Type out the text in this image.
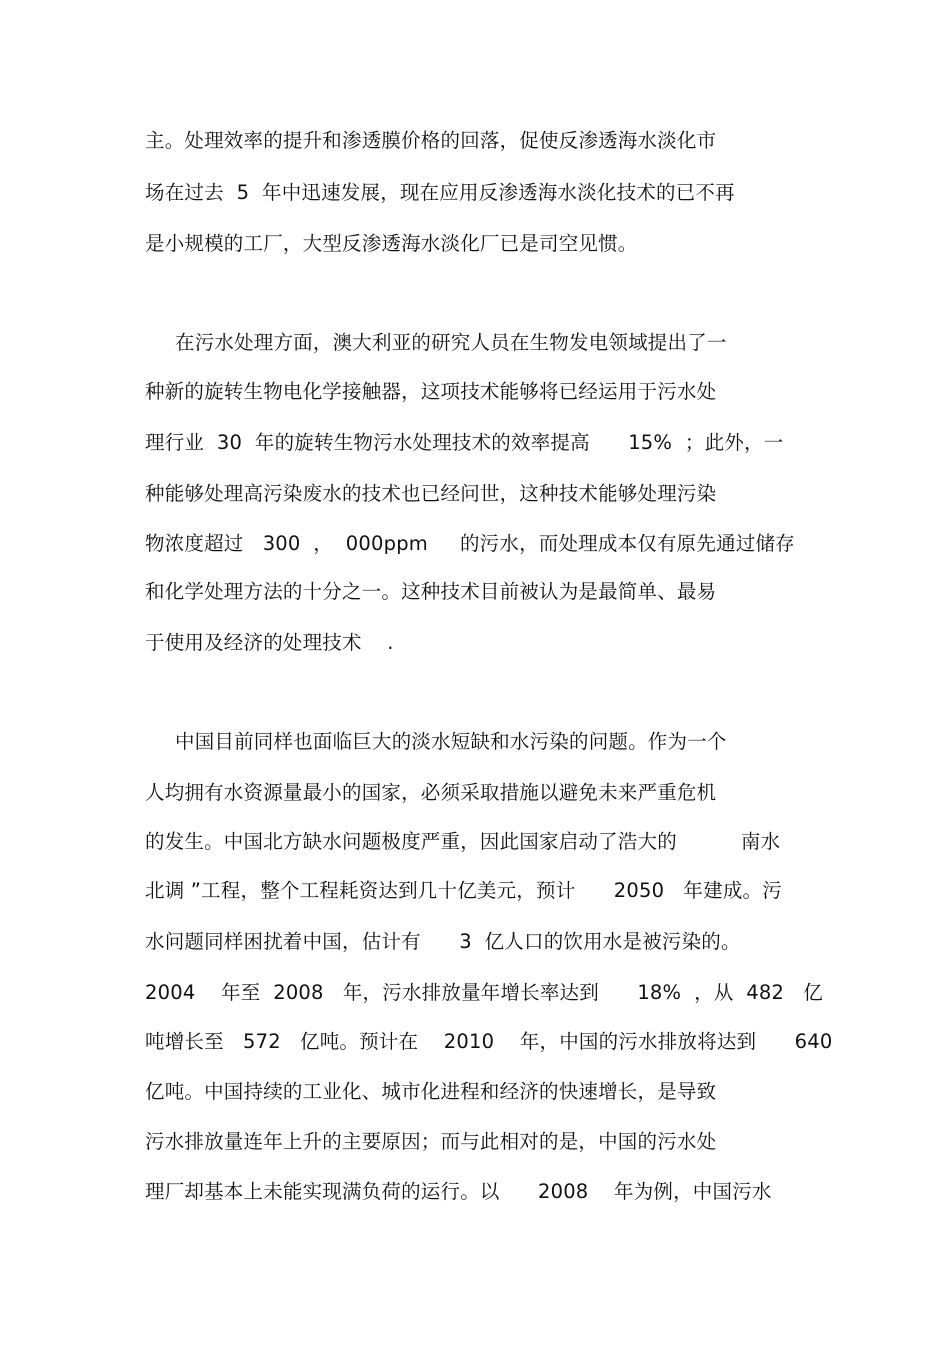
主。处理效率的提升和渗透膜价格的回落，促使反渗透海水淡化市
场在过去  5  年中迅速发展，现在应用反渗透海水淡化技术的已不再
是小规模的工厂，大型反渗透海水淡化厂已是司空见惯。
在污水处理方面，澳大利亚的研究人员在生物发电领域提出了一
种新的旋转生物电化学接触器，这项技术能够将已经运用于污水处
理行业  30  年的旋转生物污水处理技术的效率提高      15%  ；此外，一
种能够处理高污染废水的技术也已经问世，这种技术能够处理污染
物浓度超过   300  ，  000ppm     的污水，而处理成本仅有原先通过储存
和化学处理方法的十分之一。这种技术目前被认为是最简单、最易
于使用及经济的处理技术    .
中国目前同样也面临巨大的淡水短缺和水污染的问题。作为一个
人均拥有水资源量最小的国家，必须采取措施以避免未来严重危机
的发生。中国北方缺水问题极度严重，因此国家启动了浩大的          南水
北调 ”工程，整个工程耗资达到几十亿美元，预计      2050   年建成。污
水问题同样困扰着中国，估计有      3  亿人口的饮用水是被污染的。
2004    年至  2008   年，污水排放量年增长率达到      18%  ，从  482   亿
吨增长至   572   亿吨。预计在    2010    年，中国的污水排放将达到      640
亿吨。中国持续的工业化、城市化进程和经济的快速增长，是导致
污水排放量连年上升的主要原因；而与此相对的是，中国的污水处
理厂却基本上未能实现满负荷的运行。以      2008    年为例，中国污水
